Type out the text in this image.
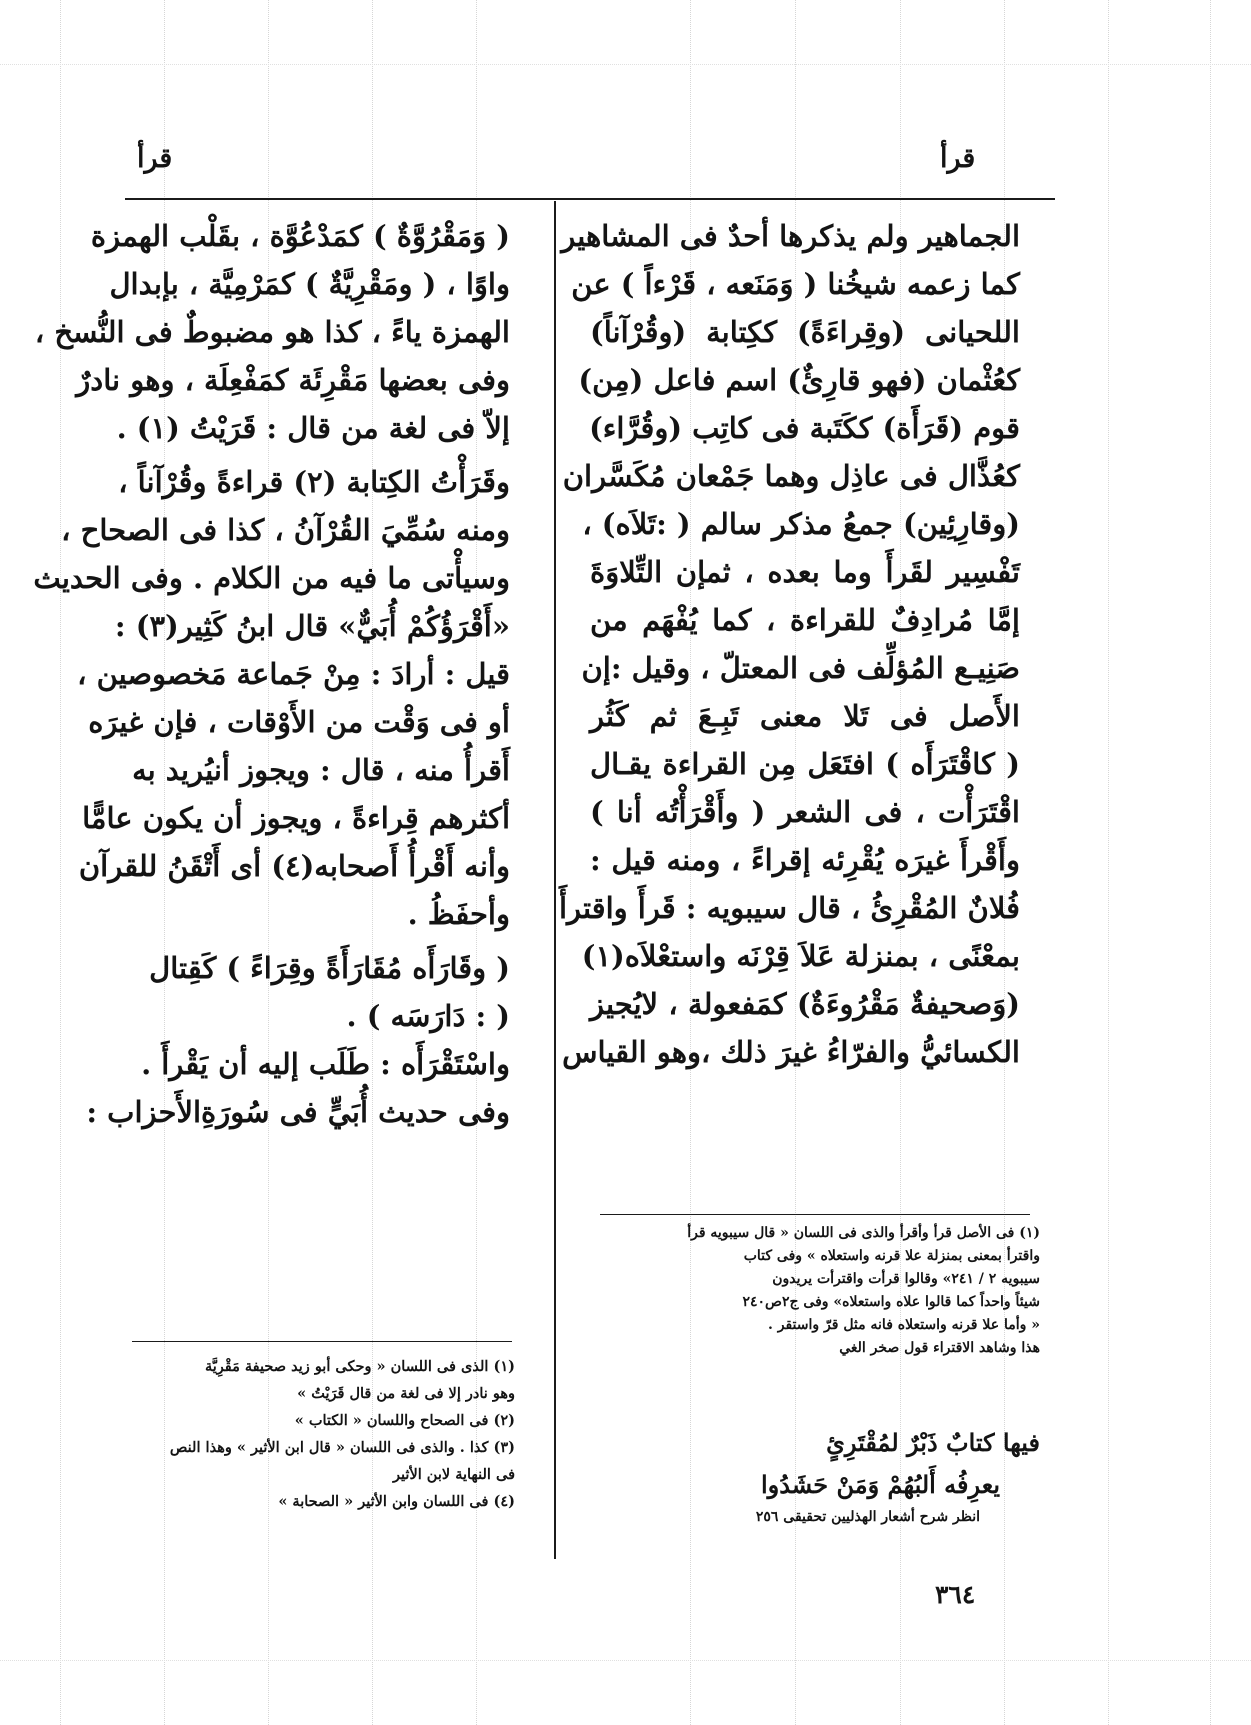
قرأ
قرأ
الجماهير ولم يذكرها أحدٌ فى المشاهير
كما زعمه شيخُنا ( وَمَنَعه ، قَرْءاً ) عن
اللحيانى (وقِراءَةً) ككِتابة (وقُرْآناً)
كعُثْمان (فهو قارِئٌ) اسم فاعل (مِن)
قوم (قَرَأَة) ككَتَبة فى كاتِب (وقُرَّاء)
كعُذَّال فى عاذِل وهما جَمْعان مُكَسَّران
(وقارِئِين) جمعُ مذكر سالم ( :تَلاَه) ،
تَفْسِير لقَرأَ وما بعده ، ثمإن التِّلاوَةَ
إمَّا مُرادِفٌ للقراءة ، كما يُفْهَم من
صَنِيـع المُؤلِّف فى المعتلّ ، وقيل :إن
الأَصل فى تَلا معنى تَبِـعَ ثم كَثُر
( كاقْتَرَأَه ) افتَعَل مِن القراءة يقـال
اقْتَرَأْت ، فى الشعر ( وأَقْرَأْتُه أنا )
وأَقْرأَ غيرَه يُقْرِئه إقراءً ، ومنه قيل :
فُلانٌ المُقْرِئُ ، قال سيبويه : قَرأَ واقترأَ
بمعْنًى ، بمنزلة عَلاَ قِرْنَه واستعْلاَه(١)
(وَصحيفةٌ مَقْرُوءَةٌ) كمَفعولة ، لايُجيز
الكسائيُّ والفرّاءُ غيرَ ذلك ،وهو القياس
( وَمَقْرُوَّةٌ ) كمَدْعُوَّة ، بقَلْب الهمزة
واوًا ، ( ومَقْرِيَّةٌ ) كمَرْمِيَّة ، بإبدال
الهمزة ياءً ، كذا هو مضبوطٌ فى النُّسخ ،
وفى بعضها مَقْرِئَة كمَفْعِلَة ، وهو نادرٌ
إلاّ فى لغة من قال : قَرَيْتُ (١) .
وقَرَأْتُ الكِتابة (٢) قراءةً وقُرْآناً ،
ومنه سُمِّيَ القُرْآنُ ، كذا فى الصحاح ،
وسيأْتى ما فيه من الكلام . وفى الحديث
«أَقْرَؤُكُمْ أُبَيٌّ» قال ابنُ كَثِير(٣) :
قيل : أرادَ : مِنْ جَماعة مَخصوصين ،
أو فى وَقْت من الأَوْقات ، فإن غيرَه
أَقرأُ منه ، قال : ويجوز أنيُريد به
أكثرهم قِراءةً ، ويجوز أن يكون عامًّا
وأنه أَقْرأُ أَصحابه(٤) أى أَتْقَنُ للقرآن
وأحفَظُ .
( وقَارَأَه مُقَارَأَةً وقِرَاءً ) كَقِتال
( : دَارَسَه ) .
واسْتَقْرَأَه : طَلَب إليه أن يَقْرأَ .
وفى حديث أُبَيٍّ فى سُورَةِالأَحزاب :
(١) فى الأصل قرأ وأقرأ والذى فى اللسان « قال سيبويه قرأ
واقترأ بمعنى بمنزلة علا قرنه واستعلاه » وفى كتاب
سيبويه ٢ / ٢٤١» وقالوا قرأت واقترأت يريدون
شيئاً واحداً كما قالوا علاه واستعلاه» وفى ج٢ص٢٤٠
« وأما علا قرنه واستعلاه فانه مثل قرّ واستقر .
هذا وشاهد الاقتراء قول صخر الغي
فيها كتابٌ ذَبْرٌ لمُقْتَرِئٍ
يعرِفُه أَلبُهُمْ وَمَنْ حَشَدُوا
انظر شرح أشعار الهذليين تحقيقى ٢٥٦
(١) الذى فى اللسان « وحكى أبو زيد صحيفة مَقْرِيَّة
وهو نادر إلا فى لغة من قال قَرَيْتُ »
(٢) فى الصحاح واللسان « الكتاب »
(٣) كذا . والذى فى اللسان « قال ابن الأثير » وهذا النص
فى النهاية لابن الأثير
(٤) فى اللسان وابن الأثير « الصحابة »
٣٦٤
